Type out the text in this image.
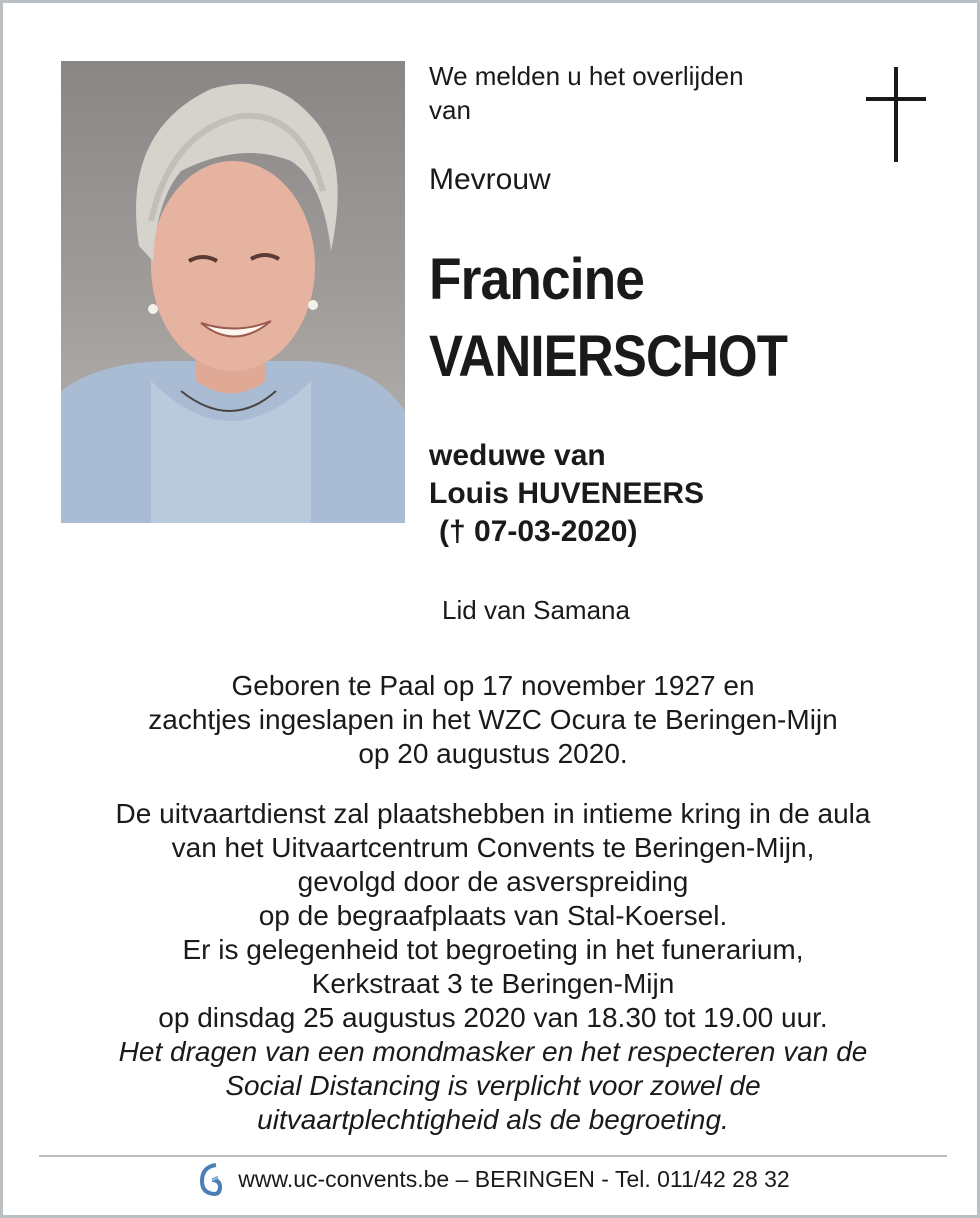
We melden u het overlijden
van
Mevrouw
Francine
VANIERSCHOT
weduwe van
Louis HUVENEERS
(† 07-03-2020)
Lid van Samana
Geboren te Paal op 17 november 1927 en
zachtjes ingeslapen in het WZC Ocura te Beringen-Mijn
op 20 augustus 2020.
De uitvaartdienst zal plaatshebben in intieme kring in de aula
van het Uitvaartcentrum Convents te Beringen-Mijn,
gevolgd door de asverspreiding
op de begraafplaats van Stal-Koersel.
Er is gelegenheid tot begroeting in het funerarium,
Kerkstraat 3 te Beringen-Mijn
op dinsdag 25 augustus 2020 van 18.30 tot 19.00 uur.
Het dragen van een mondmasker en het respecteren van de
Social Distancing is verplicht voor zowel de
uitvaartplechtigheid als de begroeting.
www.uc-convents.be – BERINGEN - Tel. 011/42 28 32
